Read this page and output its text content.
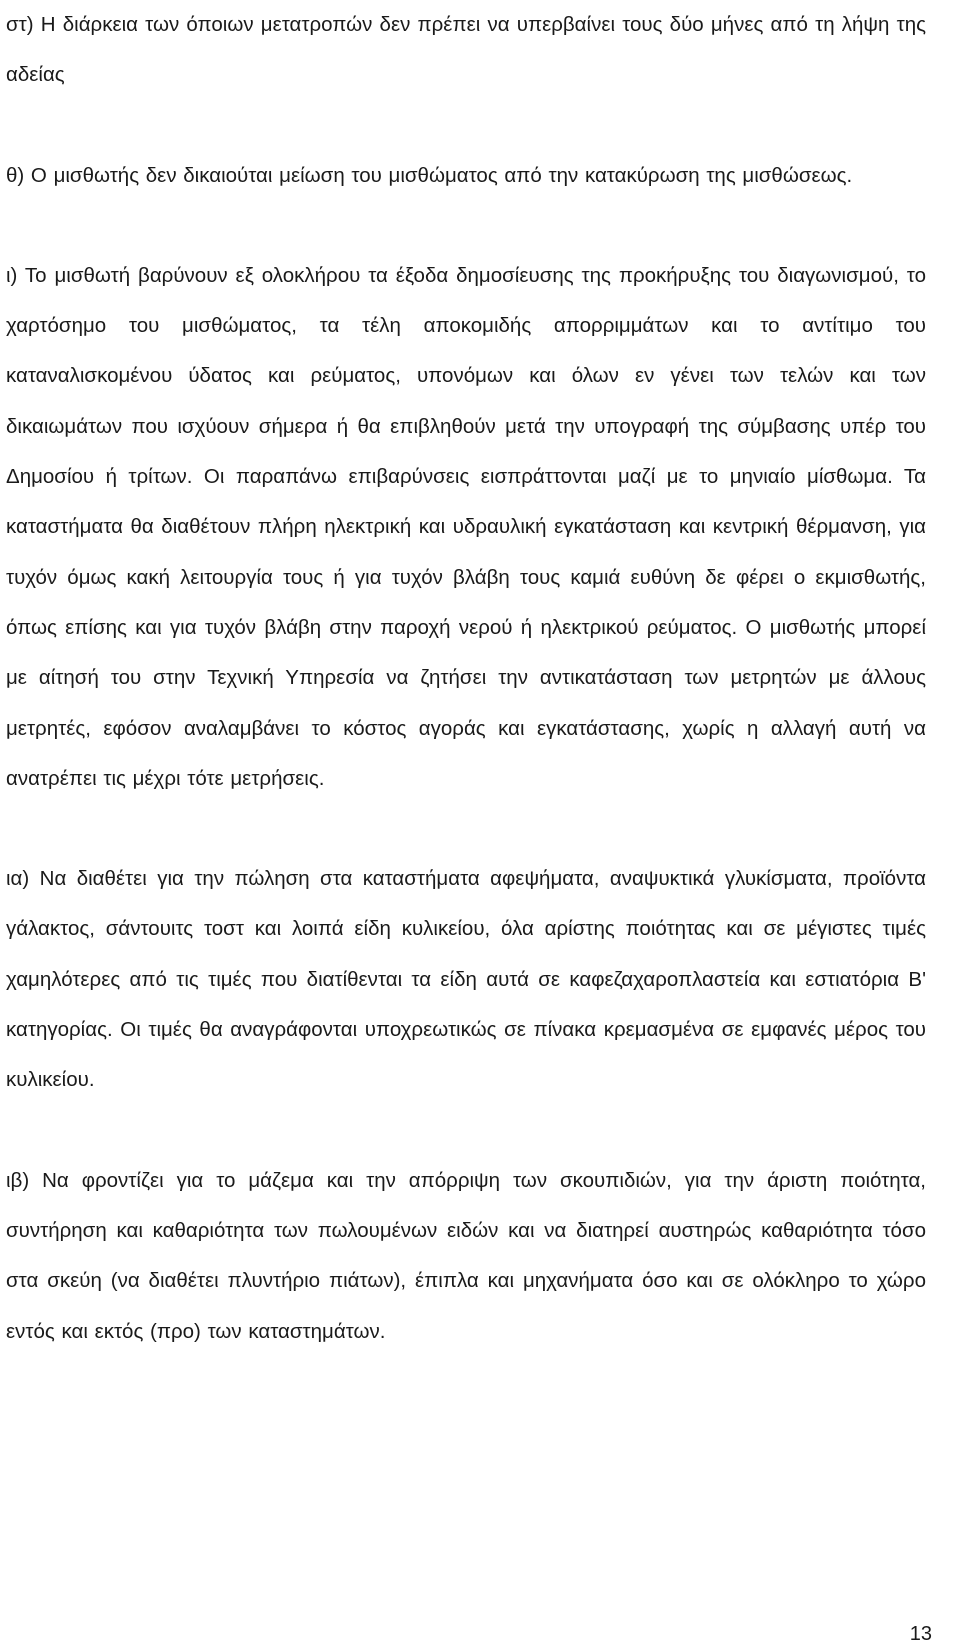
στ) Η διάρκεια των όποιων μετατροπών δεν πρέπει να υπερβαίνει τους δύο μήνες από τη λήψη της αδείας

θ) Ο μισθωτής δεν δικαιούται μείωση του μισθώματος από την κατακύρωση της μισθώσεως.

ι) Το μισθωτή βαρύνουν εξ ολοκλήρου τα έξοδα δημοσίευσης της προκήρυξης του διαγωνισμού, το χαρτόσημο του μισθώματος, τα τέλη αποκομιδής απορριμμάτων και το αντίτιμο του καταναλισκομένου ύδατος και ρεύματος, υπονόμων και όλων εν γένει των τελών και των δικαιωμάτων που ισχύουν σήμερα ή θα επιβληθούν μετά την υπογραφή της σύμβασης υπέρ του Δημοσίου ή τρίτων. Οι παραπάνω επιβαρύνσεις εισπράττονται μαζί με το μηνιαίο μίσθωμα. Τα καταστήματα θα διαθέτουν πλήρη ηλεκτρική και υδραυλική εγκατάσταση και κεντρική θέρμανση, για τυχόν όμως κακή λειτουργία τους ή για τυχόν βλάβη τους καμιά ευθύνη δε φέρει ο εκμισθωτής, όπως επίσης και για τυχόν βλάβη στην παροχή νερού ή ηλεκτρικού ρεύματος. Ο μισθωτής μπορεί με αίτησή του στην Τεχνική Υπηρεσία να ζητήσει την αντικατάσταση των μετρητών με άλλους μετρητές, εφόσον αναλαμβάνει το κόστος αγοράς και εγκατάστασης, χωρίς η αλλαγή αυτή να ανατρέπει τις μέχρι τότε μετρήσεις.

ια) Να διαθέτει για την πώληση στα καταστήματα αφεψήματα, αναψυκτικά γλυκίσματα, προϊόντα γάλακτος, σάντουιτς τοστ και λοιπά είδη κυλικείου, όλα αρίστης ποιότητας και σε μέγιστες τιμές χαμηλότερες από τις τιμές που διατίθενται τα είδη αυτά σε καφεζαχαροπλαστεία και εστιατόρια Β' κατηγορίας. Οι τιμές θα αναγράφονται υποχρεωτικώς σε πίνακα κρεμασμένα σε εμφανές μέρος του κυλικείου.

ιβ) Να φροντίζει για το μάζεμα και την απόρριψη των σκουπιδιών, για την άριστη ποιότητα, συντήρηση και καθαριότητα των πωλουμένων ειδών και να διατηρεί αυστηρώς καθαριότητα τόσο στα σκεύη (να διαθέτει πλυντήριο πιάτων), έπιπλα και μηχανήματα όσο και σε ολόκληρο το χώρο εντός και εκτός (προ) των καταστημάτων.

13
